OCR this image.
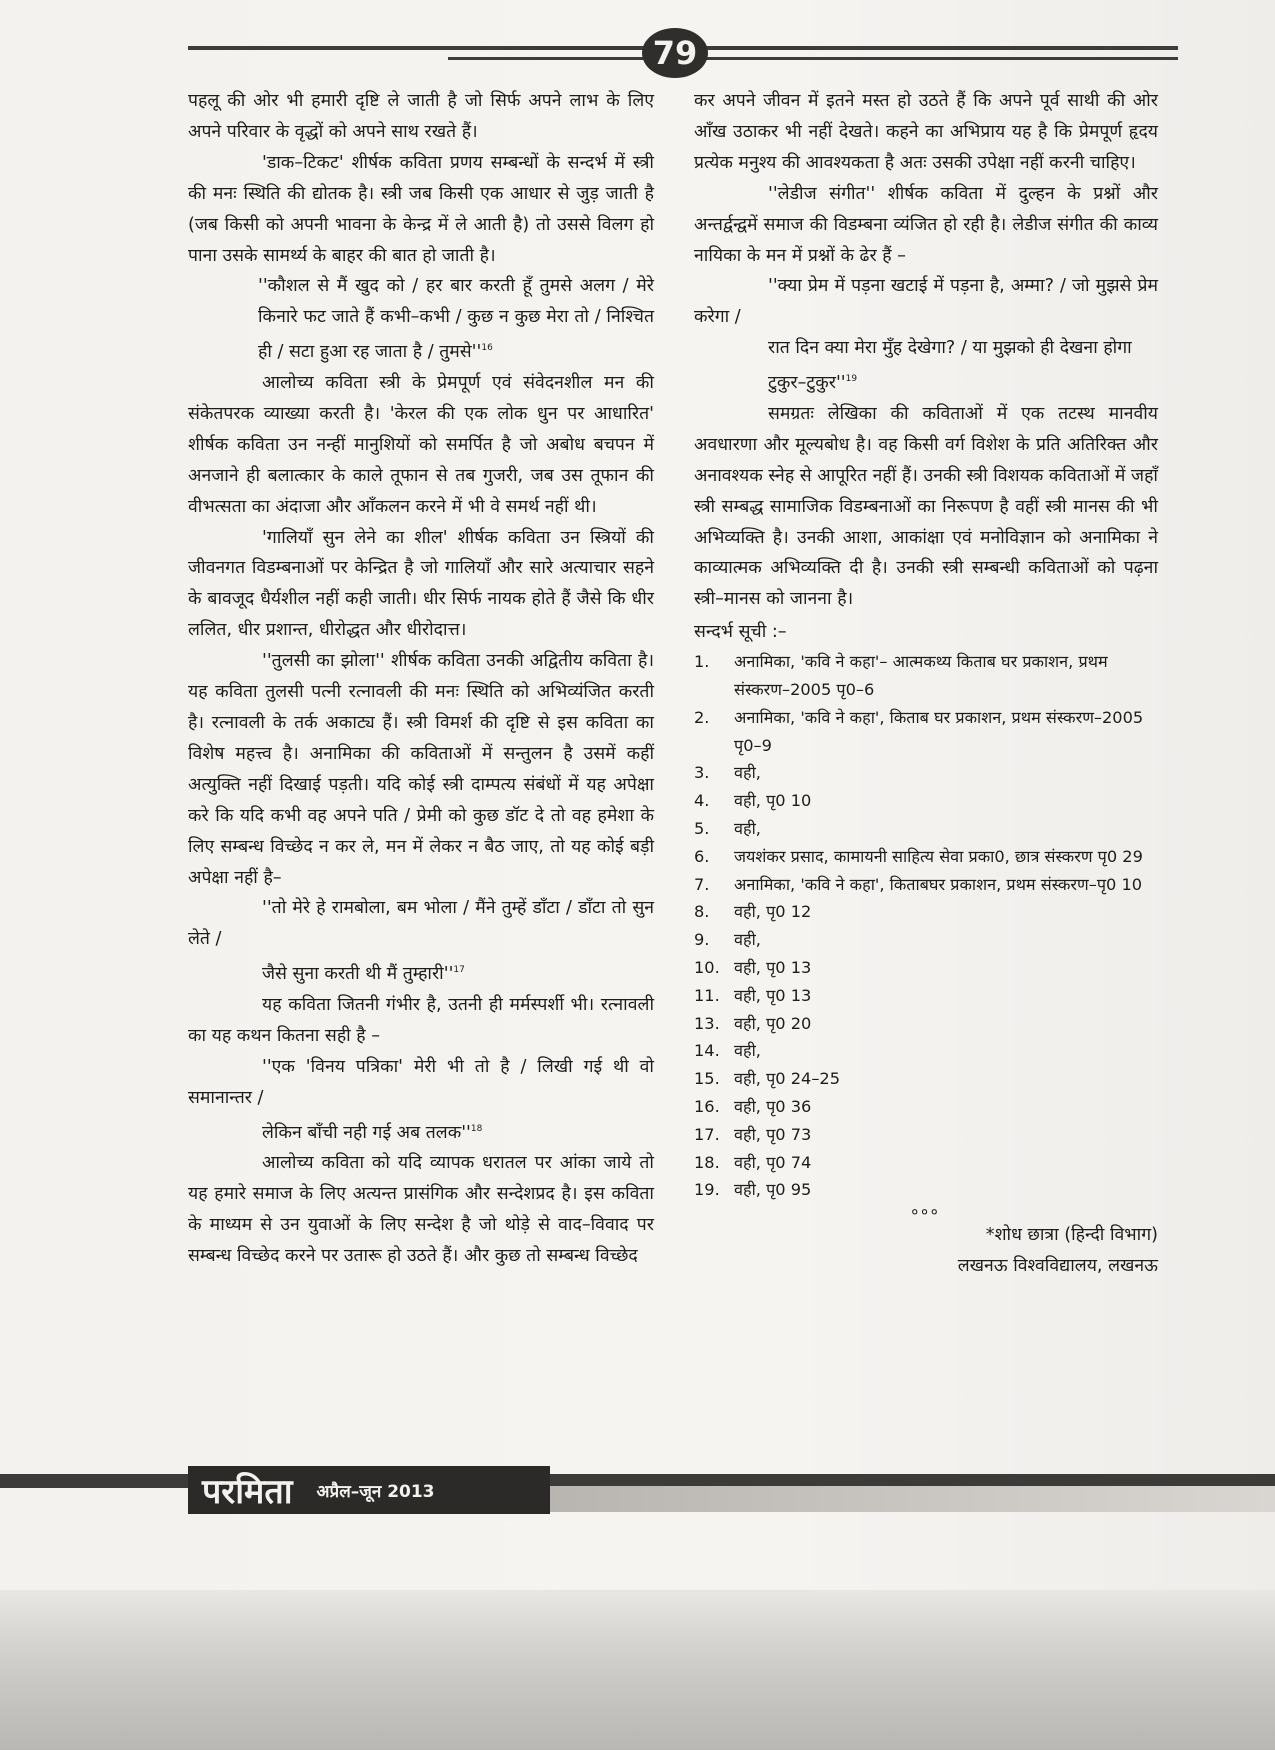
79

पहलू की ओर भी हमारी दृष्टि ले जाती है जो सिर्फ अपने लाभ के लिए अपने परिवार के वृद्धों को अपने साथ रखते हैं।

'डाक–टिकट' शीर्षक कविता प्रणय सम्बन्धों के सन्दर्भ में स्त्री की मनः स्थिति की द्योतक है। स्त्री जब किसी एक आधार से जुड़ जाती है (जब किसी को अपनी भावना के केन्द्र में ले आती है) तो उससे विलग हो पाना उसके सामर्थ्य के बाहर की बात हो जाती है।

''कौशल से मैं खुद को / हर बार करती हूँ तुमसे अलग / मेरे किनारे फट जाते हैं कभी–कभी / कुछ न कुछ मेरा तो / निश्चित ही / सटा हुआ रह जाता है / $तुमसे''^{16}$

आलोच्य कविता स्त्री के प्रेमपूर्ण एवं संवेदनशील मन की संकेतपरक व्याख्या करती है। 'केरल की एक लोक धुन पर आधारित' शीर्षक कविता उन नन्हीं मानुशियों को समर्पित है जो अबोध बचपन में अनजाने ही बलात्कार के काले तूफान से तब गुजरी, जब उस तूफान की वीभत्सता का अंदाजा और आँकलन करने में भी वे समर्थ नहीं थी।

'गालियाँ सुन लेने का शील' शीर्षक कविता उन स्त्रियों की जीवनगत विडम्बनाओं पर केन्द्रित है जो गालियाँ और सारे अत्याचार सहने के बावजूद धैर्यशील नहीं कही जाती। धीर सिर्फ नायक होते हैं जैसे कि धीर ललित, धीर प्रशान्त, धीरोद्धत और धीरोदात्त।

''तुलसी का झोला'' शीर्षक कविता उनकी अद्वितीय कविता है। यह कविता तुलसी पत्नी रत्नावली की मनः स्थिति को अभिव्यंजित करती है। रत्नावली के तर्क अकाट्य हैं। स्त्री विमर्श की दृष्टि से इस कविता का विशेष महत्त्व है। अनामिका की कविताओं में सन्तुलन है उसमें कहीं अत्युक्ति नहीं दिखाई पड़ती। यदि कोई स्त्री दाम्पत्य संबंधों में यह अपेक्षा करे कि यदि कभी वह अपने पति / प्रेमी को कुछ डॉट दे तो वह हमेशा के लिए सम्बन्ध विच्छेद न कर ले, मन में लेकर न बैठ जाए, तो यह कोई बड़ी अपेक्षा नहीं है–

''तो मेरे हे रामबोला, बम भोला / मैंने तुम्हें डाँटा / डाँटा तो सुन लेते /

जैसे सुना करती थी मैं $तुम्हारी''^{17}$

यह कविता जितनी गंभीर है, उतनी ही मर्मस्पर्शी भी। रत्नावली का यह कथन कितना सही है –

''एक 'विनय पत्रिका' मेरी भी तो है / लिखी गई थी वो समानान्तर /

लेकिन बाँची नही गई अब $तलक''^{18}$

आलोच्य कविता को यदि व्यापक धरातल पर आंका जाये तो यह हमारे समाज के लिए अत्यन्त प्रासंगिक और सन्देशप्रद है। इस कविता के माध्यम से उन युवाओं के लिए सन्देश है जो थोड़े से वाद–विवाद पर सम्बन्ध विच्छेद करने पर उतारू हो उठते हैं। और कुछ तो सम्बन्ध विच्छेद

कर अपने जीवन में इतने मस्त हो उठते हैं कि अपने पूर्व साथी की ओर आँख उठाकर भी नहीं देखते। कहने का अभिप्राय यह है कि प्रेमपूर्ण हृदय प्रत्येक मनुश्य की आवश्यकता है अतः उसकी उपेक्षा नहीं करनी चाहिए।

''लेडीज संगीत'' शीर्षक कविता में दुल्हन के प्रश्नों और अन्तर्द्वन्द्वमें समाज की विडम्बना व्यंजित हो रही है। लेडीज संगीत की काव्य नायिका के मन में प्रश्नों के ढेर हैं –

''क्या प्रेम में पड़ना खटाई में पड़ना है, अम्मा? / जो मुझसे प्रेम करेगा /

रात दिन क्या मेरा मुँह देखेगा? / या मुझको ही देखना होगा

$टुकुर-टुकुर''^{19}$

समग्रतः लेखिका की कविताओं में एक तटस्थ मानवीय अवधारणा और मूल्यबोध है। वह किसी वर्ग विशेश के प्रति अतिरिक्त और अनावश्यक स्नेह से आपूरित नहीं हैं। उनकी स्त्री विशयक कविताओं में जहाँ स्त्री सम्बद्ध सामाजिक विडम्बनाओं का निरूपण है वहीं स्त्री मानस की भी अभिव्यक्ति है। उनकी आशा, आकांक्षा एवं मनोविज्ञान को अनामिका ने काव्यात्मक अभिव्यक्ति दी है। उनकी स्त्री सम्बन्धी कविताओं को पढ़ना स्त्री–मानस को जानना है।

सन्दर्भ सूची :–

1.	अनामिका, 'कवि ने कहा'– आत्मकथ्य किताब घर प्रकाशन, प्रथम संस्करण–2005 पृ0–6
2.	अनामिका, 'कवि ने कहा', किताब घर प्रकाशन, प्रथम संस्करण–2005 पृ0–9
3.	वही,
4.	वही, पृ0 10
5.	वही,
6.	जयशंकर प्रसाद, कामायनी साहित्य सेवा प्रका0, छात्र संस्करण पृ0 29
7.	अनामिका, 'कवि ने कहा', किताबघर प्रकाशन, प्रथम संस्करण–पृ0 10
8.	वही, पृ0 12
9.	वही,
10. वही, पृ0 13
11. वही, पृ0 13
13. वही, पृ0 20
14. वही,
15. वही, पृ0 24–25
16. वही, पृ0 36
17. वही, पृ0 73
18. वही, पृ0 74
19. वही, पृ0 95
०००

*शोध छात्रा (हिन्दी विभाग)

लखनऊ विश्वविद्यालय, लखनऊ

परमिता अप्रैल–जून 2013
